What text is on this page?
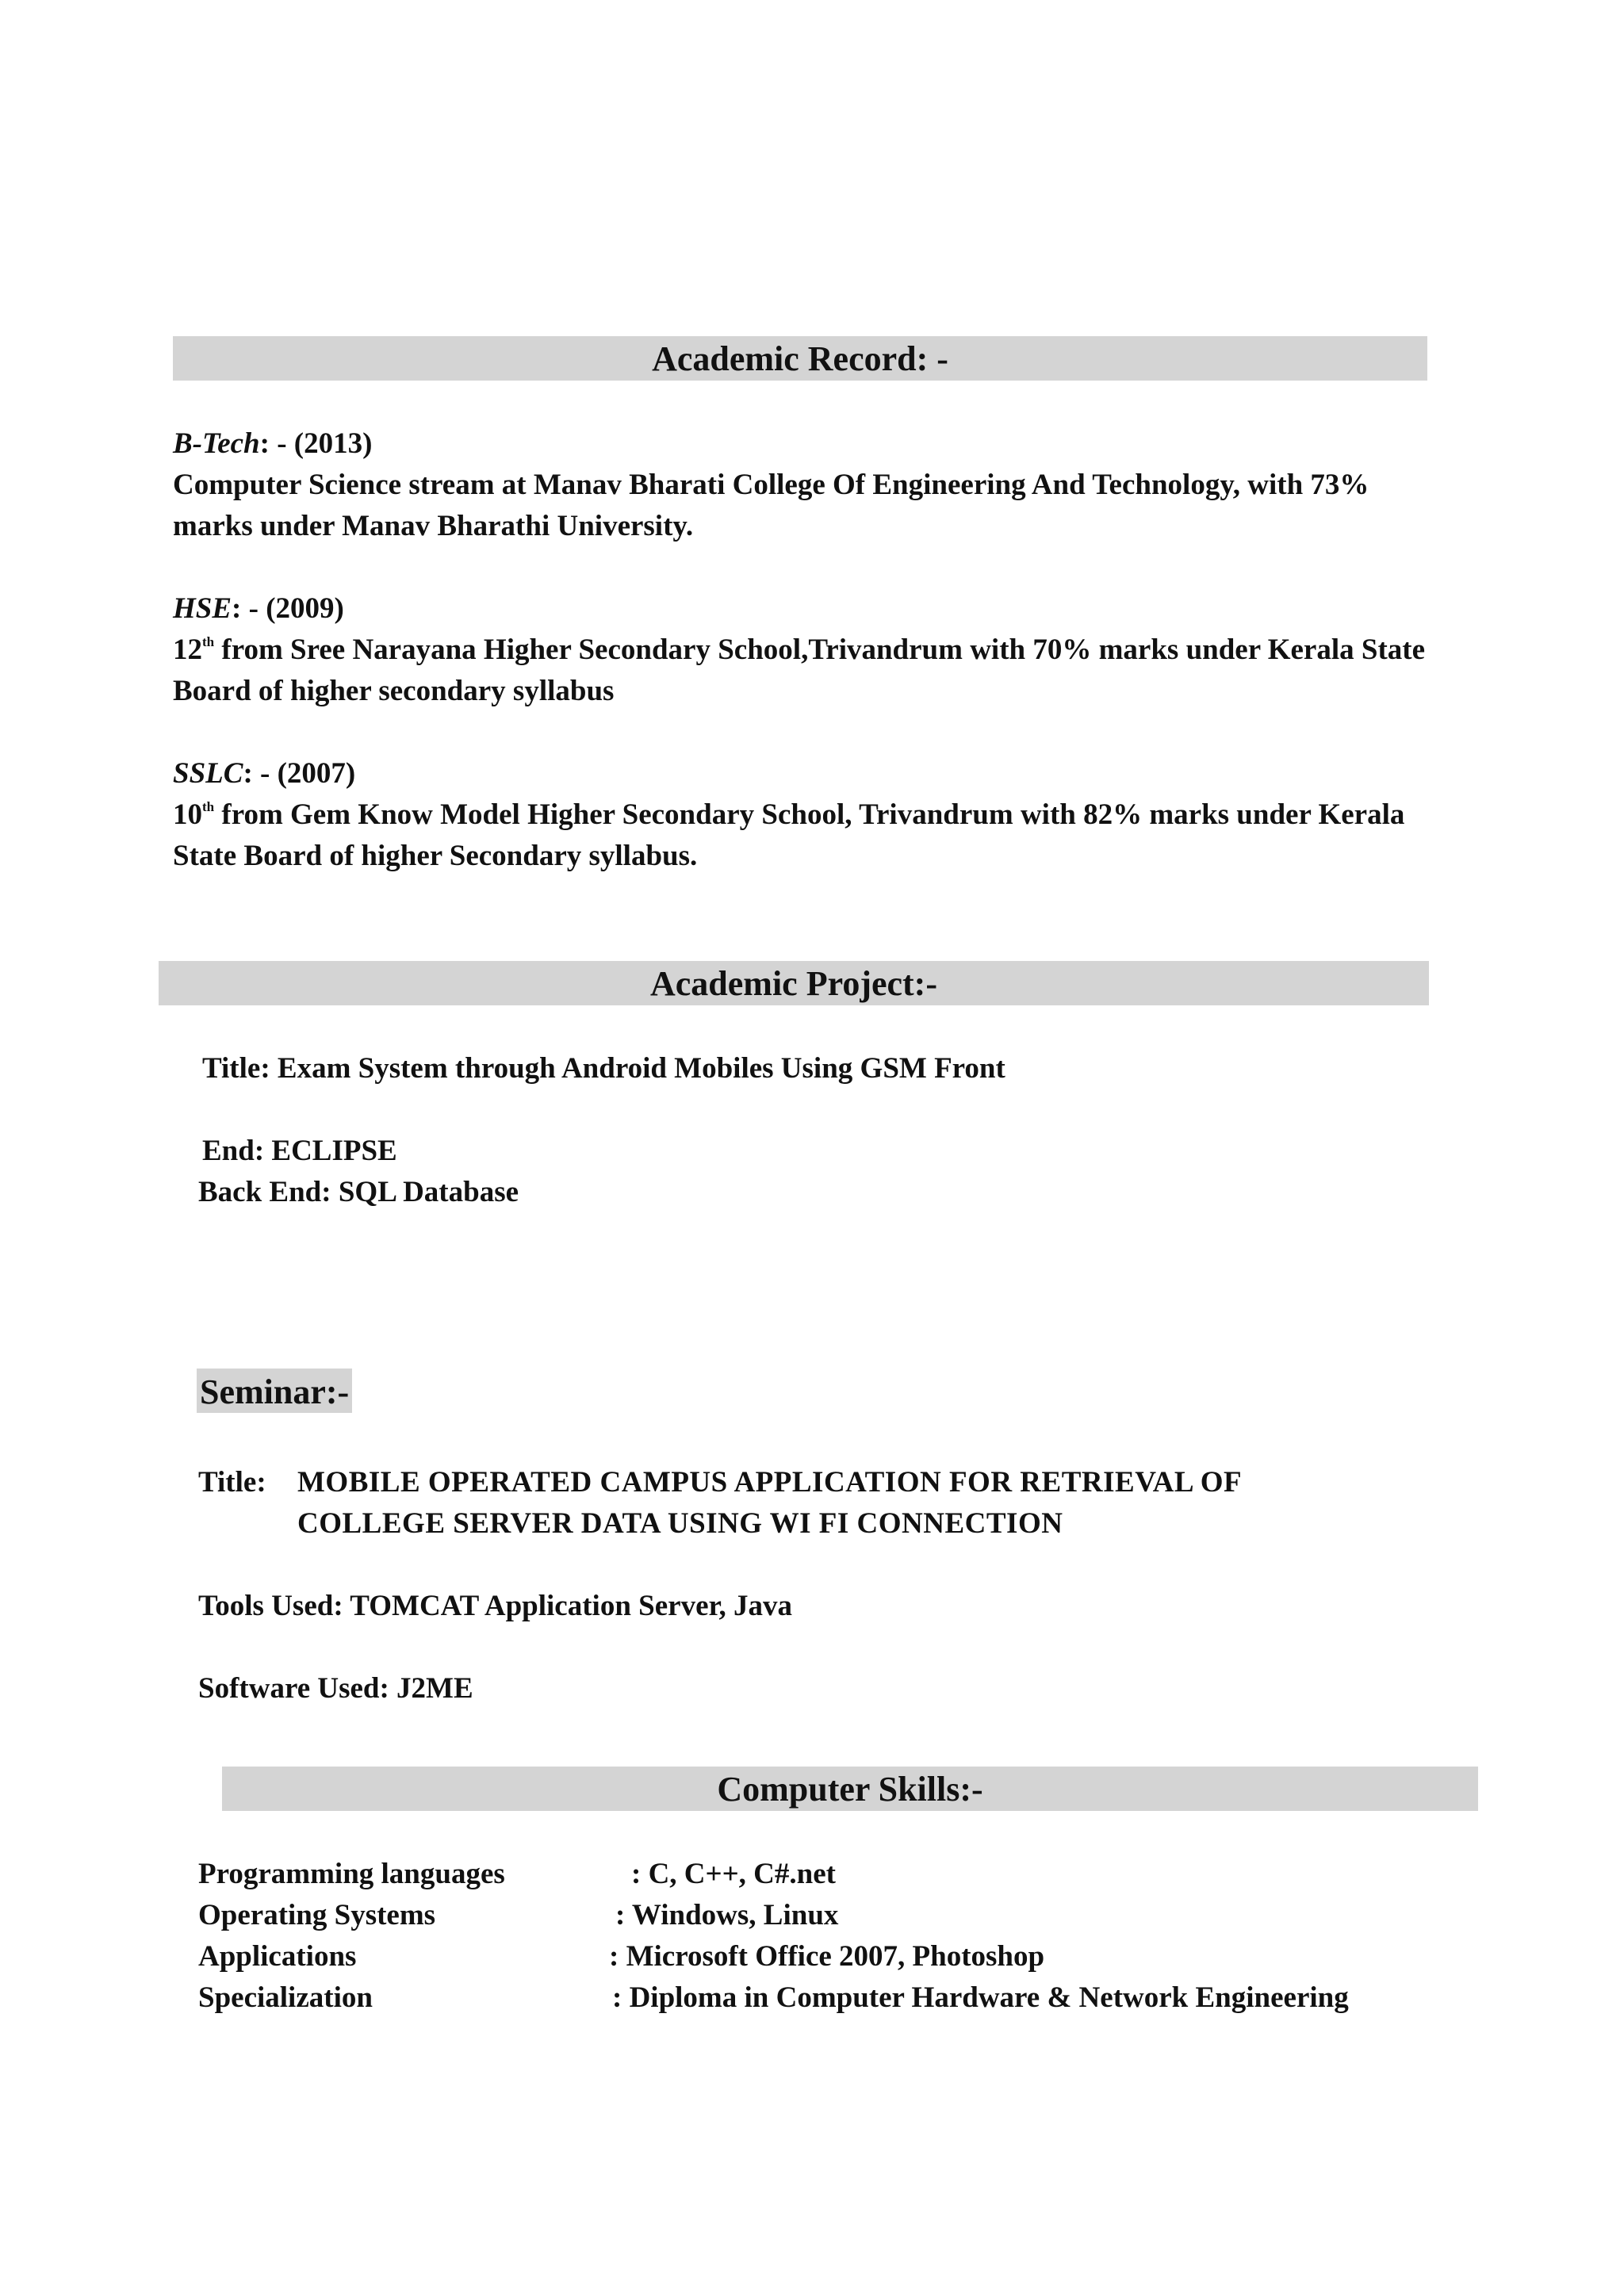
Academic Record: -

B-Tech: - (2013)

Computer Science stream at Manav Bharati College Of Engineering And Technology, with 73%

marks under Manav Bharathi University.

HSE: - (2009)

12th from Sree Narayana Higher Secondary School,Trivandrum with 70% marks under Kerala State

Board of higher secondary syllabus

SSLC: - (2007)

10th from Gem Know Model Higher Secondary School, Trivandrum with 82% marks under Kerala

State Board of higher Secondary syllabus.

Academic Project:-
Title: Exam System through Android Mobiles Using GSM Front
End: ECLIPSE
Back End: SQL Database
Seminar:-
Title: MOBILE OPERATED CAMPUS APPLICATION FOR RETRIEVAL OF
COLLEGE SERVER DATA USING WI FI CONNECTION
Tools Used: TOMCAT Application Server, Java
Software Used: J2ME
Computer Skills:-
Programming languages	: C, C++, C#.net
Operating Systems	: Windows, Linux
Applications	: Microsoft Office 2007, Photoshop
Specialization	: Diploma in Computer Hardware & Network Engineering
